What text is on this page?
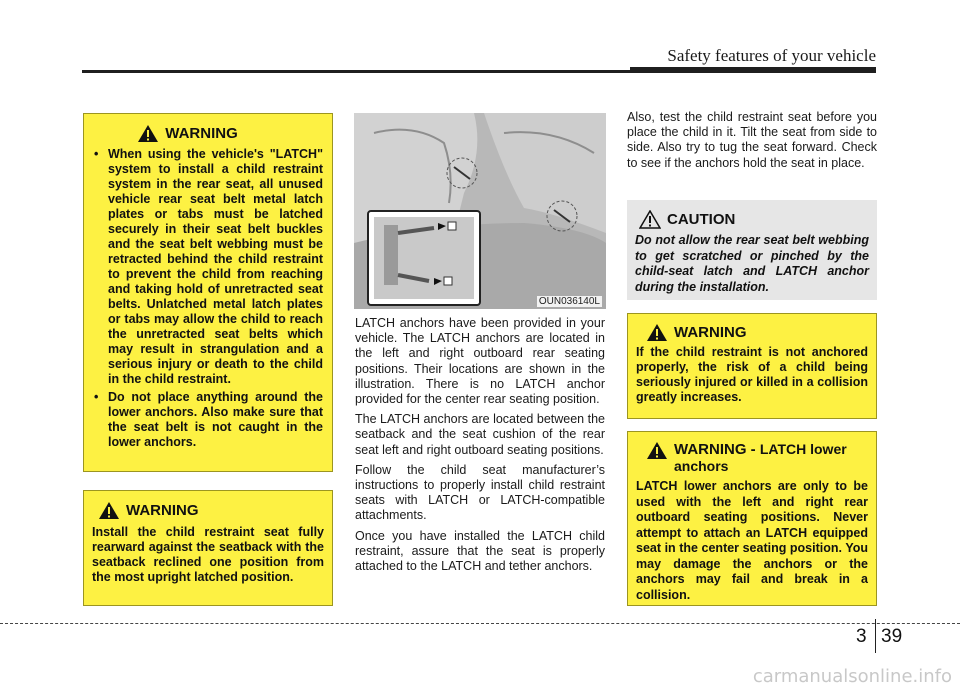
Safety features of your vehicle
WARNING
• When using the vehicle's "LATCH" system to install a child restraint system in the rear seat, all unused vehicle rear seat belt metal latch plates or tabs must be latched securely in their seat belt buckles and the seat belt webbing must be retracted behind the child restraint to prevent the child from reaching and taking hold of unretracted seat belts. Unlatched metal latch plates or tabs may allow the child to reach the unretracted seat belts which may result in strangulation and a serious injury or death to the child in the child restraint.
• Do not place anything around the lower anchors. Also make sure that the seat belt is not caught in the lower anchors.
WARNING
Install the child restraint seat fully rearward against the seatback with the seatback reclined one position from the most upright latched position.
OUN036140L

LATCH anchors have been provided in your vehicle. The LATCH anchors are located in the left and right outboard rear seating positions. Their locations are shown in the illustration. There is no LATCH anchor provided for the center rear seating position.

The LATCH anchors are located between the seatback and the seat cushion of the rear seat left and right outboard seating positions.

Follow the child seat manufacturer’s instructions to properly install child restraint seats with LATCH or LATCH-compatible attachments.

Once you have installed the LATCH child restraint, assure that the seat is properly attached to the LATCH and tether anchors.

Also, test the child restraint seat before you place the child in it. Tilt the seat from side to side. Also try to tug the seat forward. Check to see if the anchors hold the seat in place.

CAUTION
Do not allow the rear seat belt webbing to get scratched or pinched by the child-seat latch and LATCH anchor during the installation.
WARNING
If the child restraint is not anchored properly, the risk of a child being seriously injured or killed in a collision greatly increases.
WARNING - LATCH lower anchors
LATCH lower anchors are only to be used with the left and right rear outboard seating positions. Never attempt to attach an LATCH equipped seat in the center seating position. You may damage the anchors or the anchors may fail and break in a collision.
3 39
carmanualsonline.info
